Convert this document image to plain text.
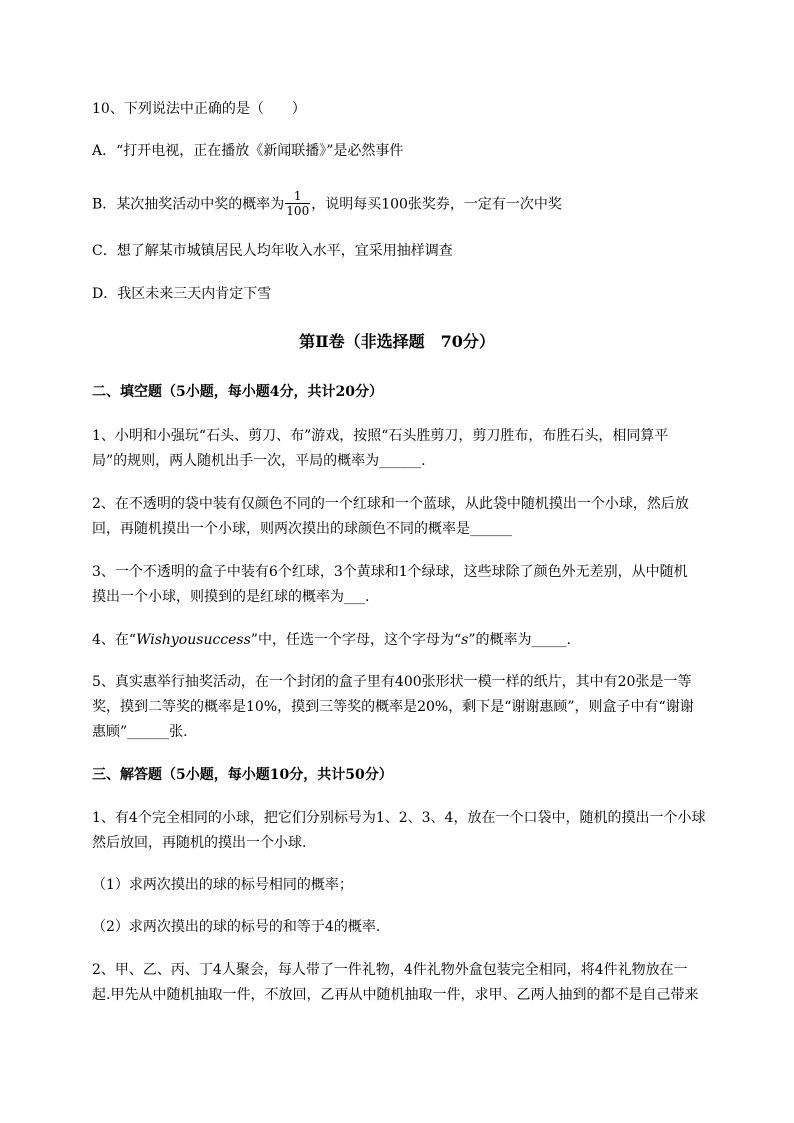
10、下列说法中正确的是（　　）
A．“打开电视，正在播放《新闻联播》”是必然事件
B．某次抽奖活动中奖的概率为 $\frac{1}{100}$ ，说明每买100张奖券，一定有一次中奖
C．想了解某市城镇居民人均年收入水平，宜采用抽样调查
D．我区未来三天内肯定下雪
第Ⅱ卷（非选择题　70分）
二、填空题（5小题，每小题4分，共计20分）
1、小明和小强玩“石头、剪刀、布”游戏，按照“石头胜剪刀，剪刀胜布，布胜石头，相同算平
局”的规则，两人随机出手一次，平局的概率为______.
2、在不透明的袋中装有仅颜色不同的一个红球和一个蓝球，从此袋中随机摸出一个小球，然后放
回，再随机摸出一个小球，则两次摸出的球颜色不同的概率是______
3、一个不透明的盒子中装有6个红球，3个黄球和1个绿球，这些球除了颜色外无差别，从中随机
摸出一个小球，则摸到的是红球的概率为___.
4、在“Wishyousuccess”中，任选一个字母，这个字母为“s”的概率为_____.
5、真实惠举行抽奖活动，在一个封闭的盒子里有400张形状一模一样的纸片，其中有20张是一等
奖，摸到二等奖的概率是10%，摸到三等奖的概率是20%，剩下是“谢谢惠顾”，则盒子中有“谢谢
惠顾”______张.
三、解答题（5小题，每小题10分，共计50分）
1、有4个完全相同的小球，把它们分别标号为1、2、3、4，放在一个口袋中，随机的摸出一个小球
然后放回，再随机的摸出一个小球.
（1）求两次摸出的球的标号相同的概率；
（2）求两次摸出的球的标号的和等于4的概率.
2、甲、乙、丙、丁4人聚会，每人带了一件礼物，4件礼物外盒包装完全相同，将4件礼物放在一
起.甲先从中随机抽取一件，不放回，乙再从中随机抽取一件，求甲、乙两人抽到的都不是自己带来
